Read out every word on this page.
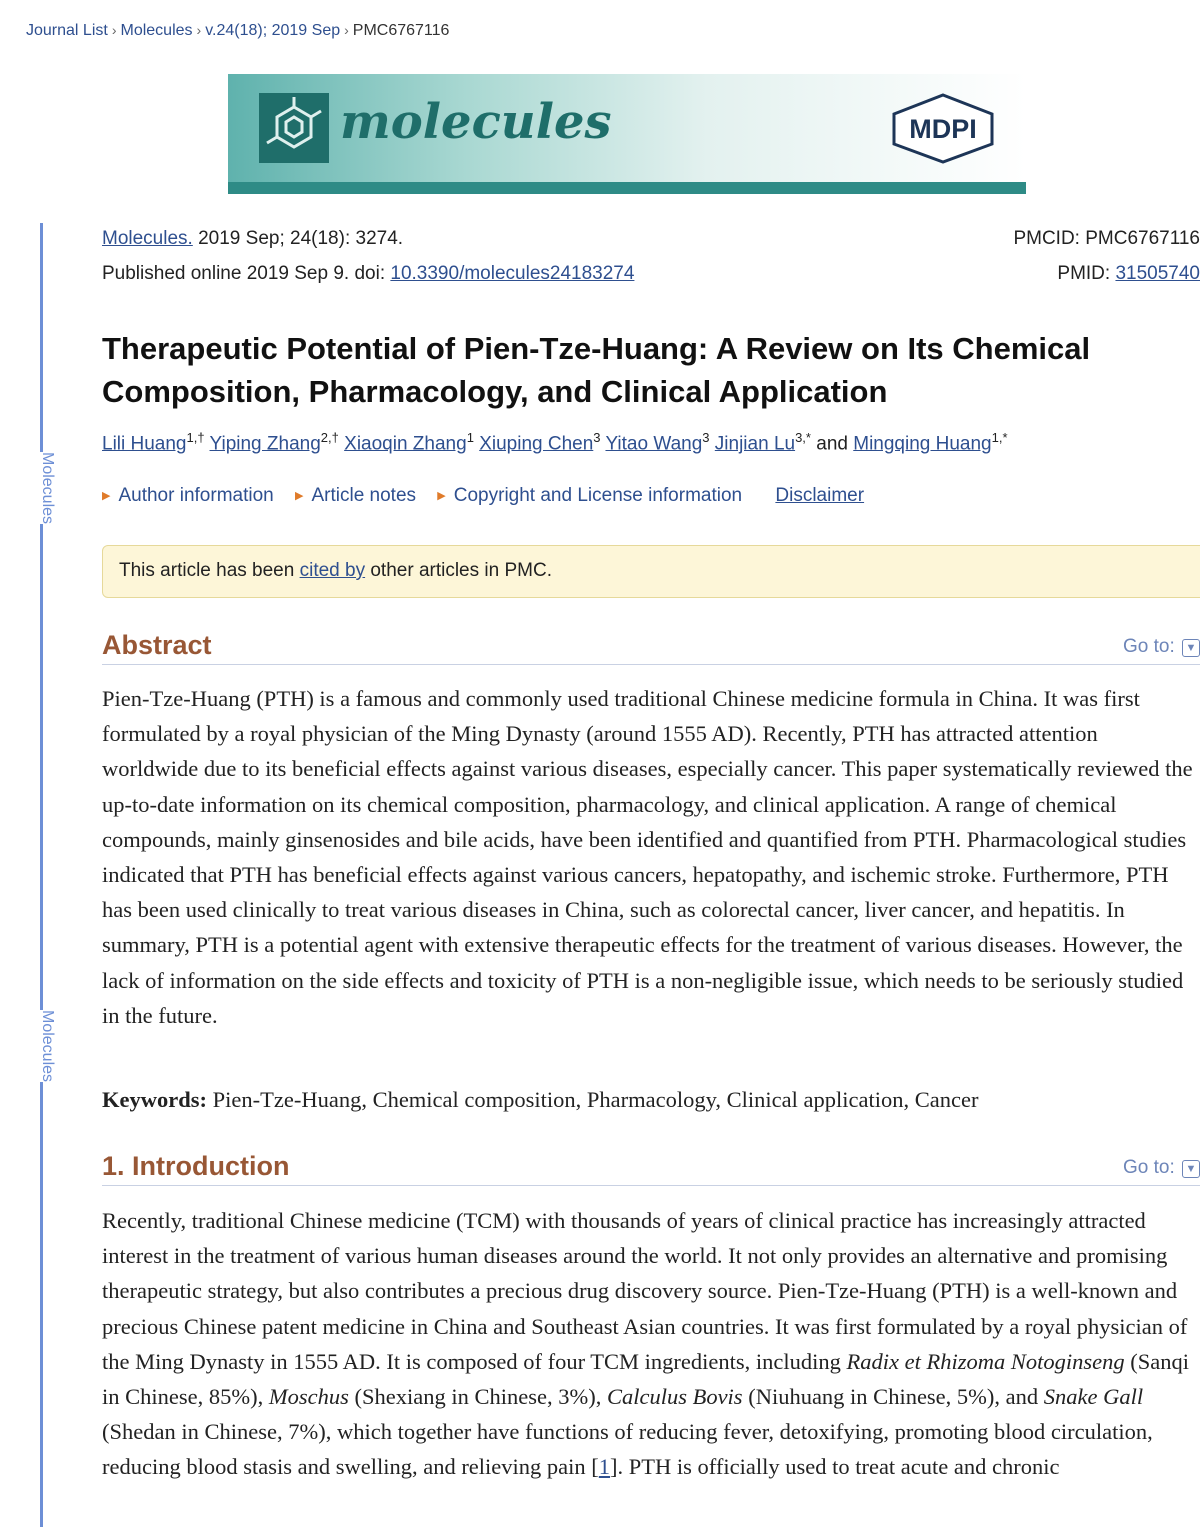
Journal List › Molecules › v.24(18); 2019 Sep › PMC6767116
molecules	MDPI
Molecules
Molecules
Molecules. 2019 Sep; 24(18): 3274.
Published online 2019 Sep 9. doi: 10.3390/molecules24183274
PMCID: PMC6767116
PMID: 31505740
Therapeutic Potential of Pien-Tze-Huang: A Review on Its Chemical Composition, Pharmacology, and Clinical Application
Lili Huang$^{1,\dagger}$ Yiping Zhang$^{2,\dagger}$ Xiaoqin Zhang$^1$ Xiuping Chen$^3$ Yitao Wang$^3$ Jinjian $Lu^{3,*}$ and Mingqing Huang$^{1,*}$
▶ Author information ▶ Article notes ▶ Copyright and License information Disclaimer
This article has been cited by other articles in PMC.
Abstract	Go to: ▼

Pien-Tze-Huang (PTH) is a famous and commonly used traditional Chinese medicine formula in China. It was first formulated by a royal physician of the Ming Dynasty (around 1555 AD). Recently, PTH has attracted attention worldwide due to its beneficial effects against various diseases, especially cancer. This paper systematically reviewed the up-to-date information on its chemical composition, pharmacology, and clinical application. A range of chemical compounds, mainly ginsenosides and bile acids, have been identified and quantified from PTH. Pharmacological studies indicated that PTH has beneficial effects against various cancers, hepatopathy, and ischemic stroke. Furthermore, PTH has been used clinically to treat various diseases in China, such as colorectal cancer, liver cancer, and hepatitis. In summary, PTH is a potential agent with extensive therapeutic effects for the treatment of various diseases. However, the lack of information on the side effects and toxicity of PTH is a non-negligible issue, which needs to be seriously studied in the future.

Keywords: Pien-Tze-Huang, Chemical composition, Pharmacology, Clinical application, Cancer
1. Introduction	Go to: ▼

Recently, traditional Chinese medicine (TCM) with thousands of years of clinical practice has increasingly attracted interest in the treatment of various human diseases around the world. It not only provides an alternative and promising therapeutic strategy, but also contributes a precious drug discovery source. Pien-Tze-Huang (PTH) is a well-known and precious Chinese patent medicine in China and Southeast Asian countries. It was first formulated by a royal physician of the Ming Dynasty in 1555 AD. It is composed of four TCM ingredients, including Radix et Rhizoma Notoginseng (Sanqi in Chinese, 85%), Moschus (Shexiang in Chinese, 3%), Calculus Bovis (Niuhuang in Chinese, 5%), and Snake Gall (Shedan in Chinese, 7%), which together have functions of reducing fever, detoxifying, promoting blood circulation, reducing blood stasis and swelling, and relieving pain [1]. PTH is officially used to treat acute and chronic
